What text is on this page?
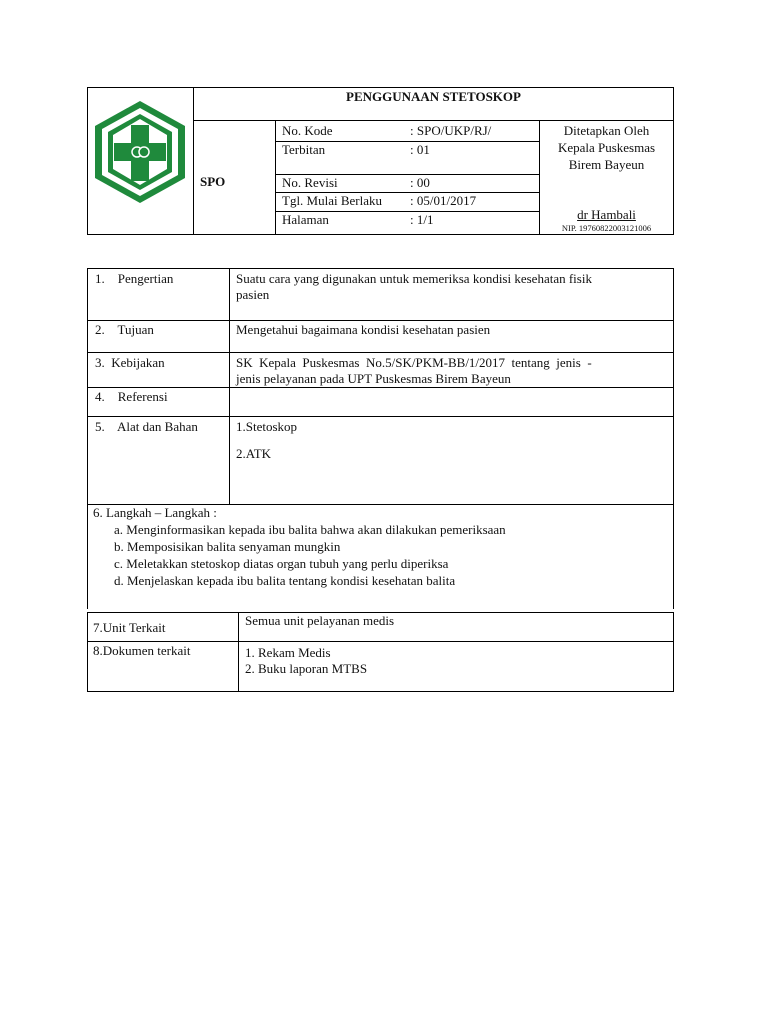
PENGGUNAAN STETOSKOP
SPO
No. Kode	: SPO/UKP/RJ/
Terbitan	: 01
No. Revisi	: 00
Tgl. Mulai Berlaku : 05/01/2017
Halaman	: 1/1
Ditetapkan Oleh
Kepala Puskesmas
Birem Bayeun
dr Hambali
NIP. 19760822003121006
1.    Pengertian	Suatu cara yang digunakan untuk memeriksa kondisi kesehatan fisik
pasien
2.    Tujuan	Mengetahui bagaimana kondisi kesehatan pasien
3.  Kebijakan	SK  Kepala  Puskesmas  No.5/SK/PKM-BB/1/2017  tentang  jenis  -
jenis pelayanan pada UPT Puskesmas Birem Bayeun
4.    Referensi
5.    Alat dan Bahan	1.Stetoskop
2.ATK
6. Langkah – Langkah :
a. Menginformasikan kepada ibu balita bahwa akan dilakukan pemeriksaan
b. Memposisikan balita senyaman mungkin
c. Meletakkan stetoskop diatas organ tubuh yang perlu diperiksa
d. Menjelaskan kepada ibu balita tentang kondisi kesehatan balita
7.Unit Terkait	Semua unit pelayanan medis
8.Dokumen terkait	1. Rekam Medis
2. Buku laporan MTBS
